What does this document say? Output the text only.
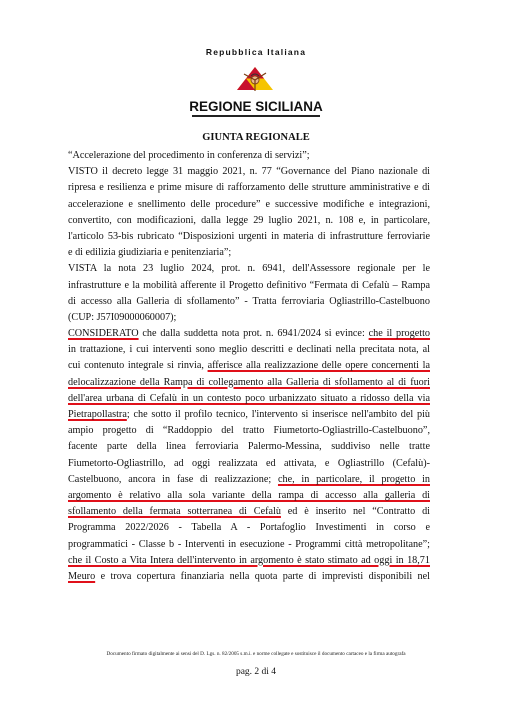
Repubblica Italiana
REGIONE SICILIANA
GIUNTA REGIONALE
“Accelerazione del procedimento in conferenza di servizi”;
VISTO il decreto legge 31 maggio 2021, n. 77 “Governance del Piano nazionale di
ripresa e resilienza e prime misure di rafforzamento delle strutture amministrative e di
accelerazione e snellimento delle procedure” e successive modifiche e integrazioni,
convertito, con modificazioni, dalla legge 29 luglio 2021, n. 108 e, in particolare,
l'articolo 53-bis rubricato “Disposizioni urgenti in materia di infrastrutture ferroviarie
e di edilizia giudiziaria e penitenziaria”;
VISTA la nota 23 luglio 2024, prot. n. 6941, dell'Assessore regionale per le
infrastrutture e la mobilità afferente il Progetto definitivo “Fermata di Cefalù – Rampa
di accesso alla Galleria di sfollamento” - Tratta ferroviaria Ogliastrillo-Castelbuono
(CUP: J57I09000060007);
CONSIDERATO che dalla suddetta nota prot. n. 6941/2024 si evince: che il progetto
in trattazione, i cui interventi sono meglio descritti e declinati nella precitata nota, al
cui contenuto integrale si rinvia, afferisce alla realizzazione delle opere concernenti la
delocalizzazione della Rampa di collegamento alla Galleria di sfollamento al di fuori
dell'area urbana di Cefalù in un contesto poco urbanizzato situato a ridosso della via
Pietrapollastra; che sotto il profilo tecnico, l'intervento si inserisce nell'ambito del più
ampio progetto di “Raddoppio del tratto Fiumetorto-Ogliastrillo-Castelbuono”,
facente parte della linea ferroviaria Palermo-Messina, suddiviso nelle tratte
Fiumetorto-Ogliastrillo, ad oggi realizzata ed attivata, e Ogliastrillo (Cefalù)-
Castelbuono, ancora in fase di realizzazione; che, in particolare, il progetto in
argomento è relativo alla sola variante della rampa di accesso alla galleria di
sfollamento della fermata sotterranea di Cefalù ed è inserito nel “Contratto di
Programma 2022/2026 - Tabella A - Portafoglio Investimenti in corso e
programmatici - Classe b - Interventi in esecuzione - Programmi città metropolitane”;
che il Costo a Vita Intera dell'intervento in argomento è stato stimato ad oggi in 18,71
Meuro e trova copertura finanziaria nella quota parte di imprevisti disponibili nel
Documento firmato digitalmente ai sensi del D. Lgs. n. 82/2005 s.m.i. e norme collegate e sostituisce il documento cartaceo e la firma autografa
pag. 2 di 4
